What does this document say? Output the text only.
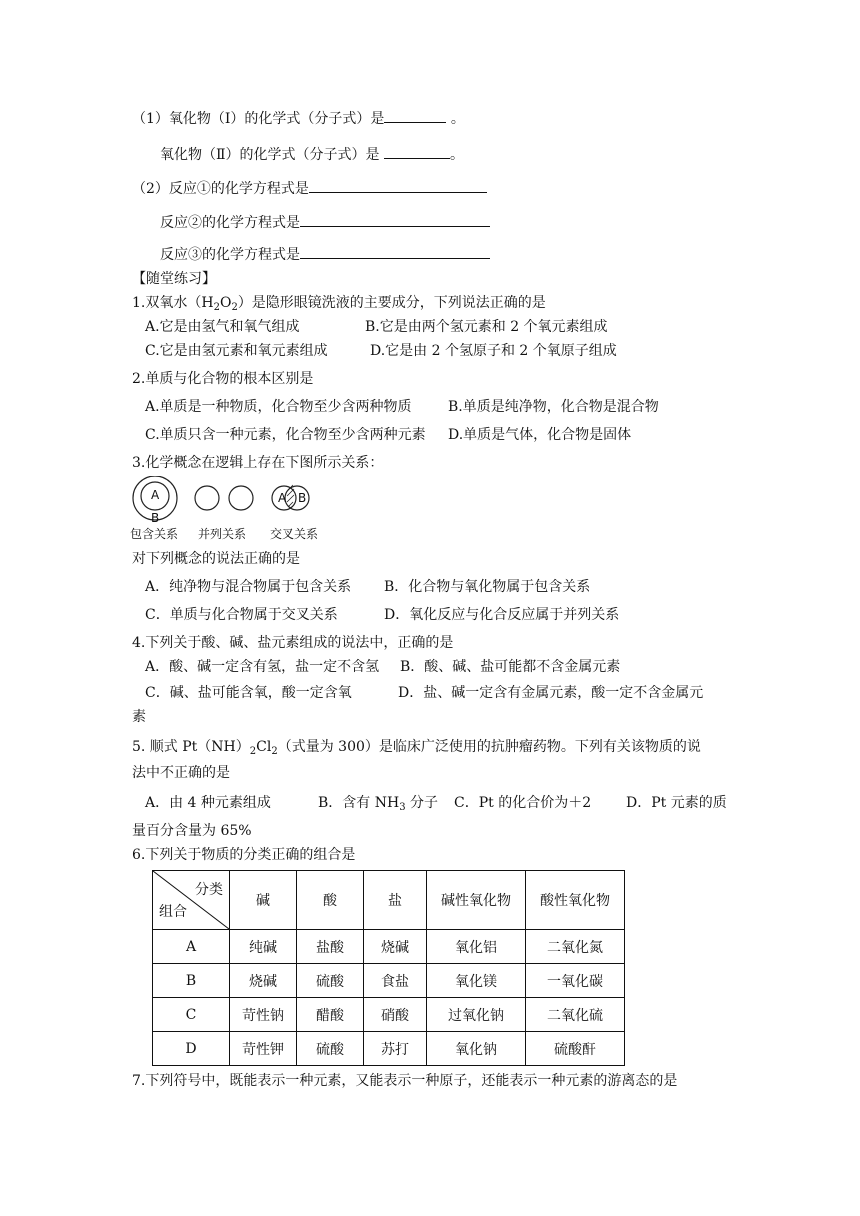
（1）氧化物（Ⅰ）的化学式（分子式）是	。
氧化物（Ⅱ）的化学式（分子式）是	。
（2）反应①的化学方程式是
反应②的化学方程式是
反应③的化学方程式是
【随堂练习】
1.双氧水$(H_2O_2)$是隐形眼镜洗液的主要成分，下列说法正确的是
A.它是由氢气和氧气组成	B.它是由两个氢元素和 2 个氧元素组成
C.它是由氢元素和氧元素组成	D.它是由 2 个氢原子和 2 个氧原子组成
2.单质与化合物的根本区别是
A.单质是一种物质，化合物至少含两种物质	B.单质是纯净物，化合物是混合物
C.单质只含一种元素，化合物至少含两种元素 D.单质是气体，化合物是固体
3.化学概念在逻辑上存在下图所示关系：
A
B
A B
包含关系 并列关系 交叉关系
对下列概念的说法正确的是
A．纯净物与混合物属于包含关系 B．化合物与氧化物属于包含关系
C．单质与化合物属于交叉关系	D．氧化反应与化合反应属于并列关系
4.下列关于酸、碱、盐元素组成的说法中，正确的是
A．酸、碱一定含有氢，盐一定不含氢 B．酸、碱、盐可能都不含金属元素
C．碱、盐可能含氧，酸一定含氧	D．盐、碱一定含有金属元素，酸一定不含金属元
素
5. 顺式 $Pt(NH)_2Cl_2$（式量为 300）是临床广泛使用的抗肿瘤药物。下列有关该物质的说
法中不正确的是
A．由 4 种元素组成	B．含有 $NH_3$ 分子 C．Pt 的化合价为＋2 D．Pt 元素的质
量百分含量为 65%
6.下列关于物质的分类正确的组合是
分类
组合	碱	酸	盐	碱性氧化物	酸性氧化物
A	纯碱	盐酸	烧碱	氧化铝	二氧化氮
B	烧碱	硫酸	食盐	氧化镁	一氧化碳
C	苛性钠	醋酸	硝酸	过氧化钠	二氧化硫
D	苛性钾	硫酸	苏打	氧化钠	硫酸酐
7.下列符号中，既能表示一种元素，又能表示一种原子，还能表示一种元素的游离态的是
